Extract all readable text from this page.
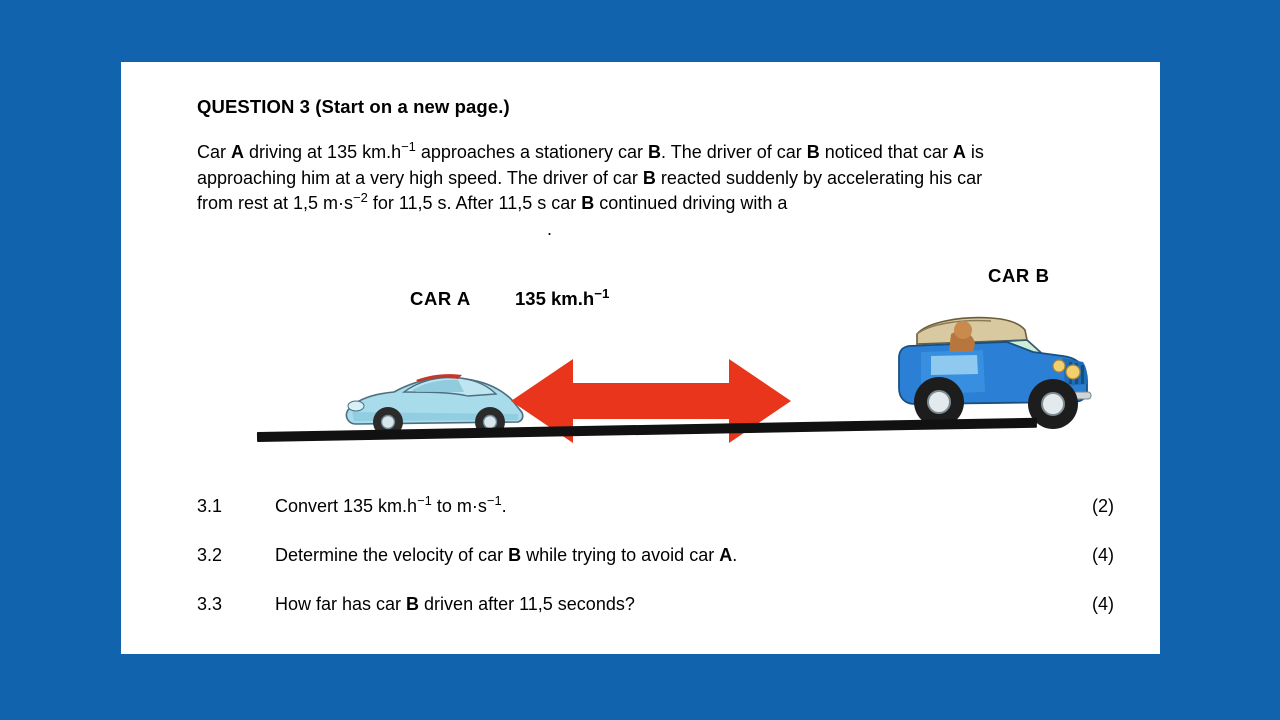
QUESTION 3 (Start on a new page.)
Car A driving at 135 $km.h^{-1}$ approaches a stationery car B. The driver of car B noticed that car A is approaching him at a very high speed. The driver of car B reacted suddenly by accelerating his car from rest at 1,5 $m\cdot s^{-2}$ for 11,5 s. After 11,5 s car B continued driving with a.
CAR A 135 $km.h^{-1}$
CAR B
3.1	Convert 135 $km.h^{-1}$ to $m\cdot s^{-1}$.	(2)
3.2	Determine the velocity of car B while trying to avoid car A.	(4)
3.3	How far has car B driven after 11,5 seconds?	(4)
